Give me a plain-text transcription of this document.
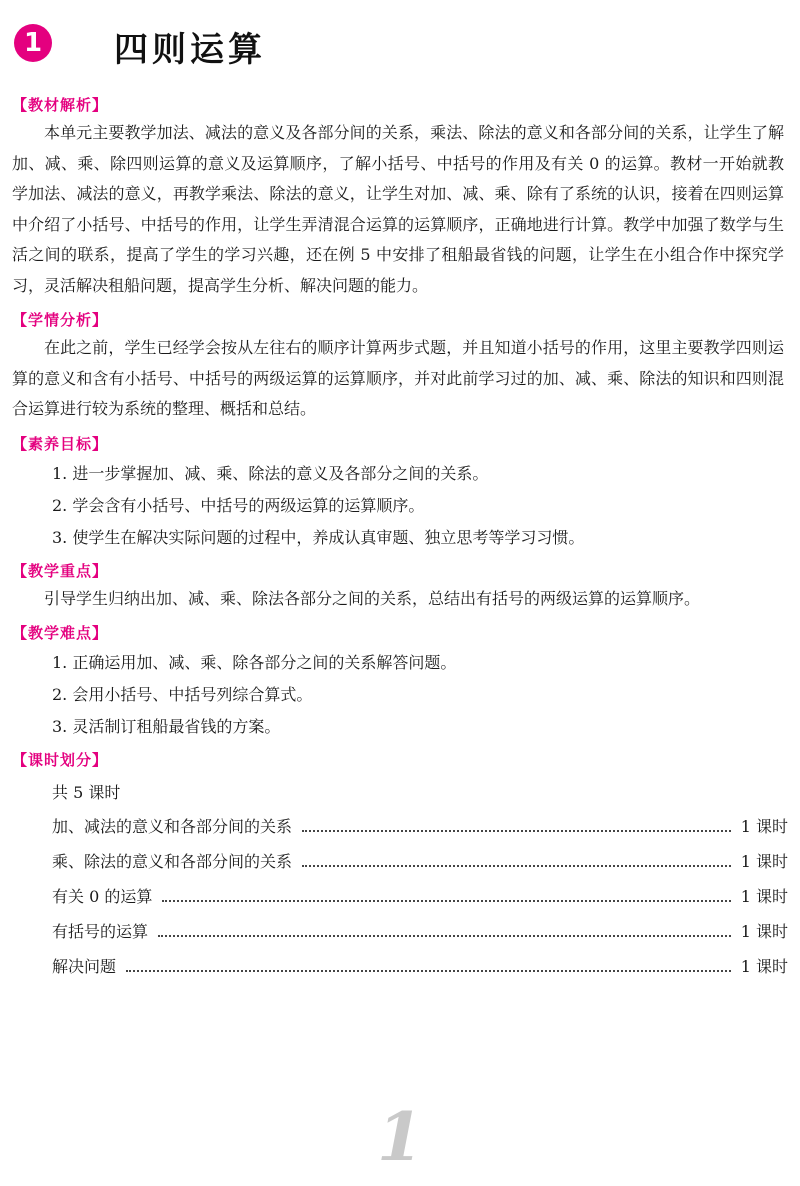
1 四则运算
【教材解析】

本单元主要教学加法、减法的意义及各部分间的关系，乘法、除法的意义和各部分间的关系，让学生了解加、减、乘、除四则运算的意义及运算顺序，了解小括号、中括号的作用及有关 0 的运算。教材一开始就教学加法、减法的意义，再教学乘法、除法的意义，让学生对加、减、乘、除有了系统的认识，接着在四则运算中介绍了小括号、中括号的作用，让学生弄清混合运算的运算顺序，正确地进行计算。教学中加强了数学与生活之间的联系，提高了学生的学习兴趣，还在例 5 中安排了租船最省钱的问题，让学生在小组合作中探究学习，灵活解决租船问题，提高学生分析、解决问题的能力。

【学情分析】

在此之前，学生已经学会按从左往右的顺序计算两步式题，并且知道小括号的作用，这里主要教学四则运算的意义和含有小括号、中括号的两级运算的运算顺序，并对此前学习过的加、减、乘、除法的知识和四则混合运算进行较为系统的整理、概括和总结。

【素养目标】
1. 进一步掌握加、减、乘、除法的意义及各部分之间的关系。
2. 学会含有小括号、中括号的两级运算的运算顺序。
3. 使学生在解决实际问题的过程中，养成认真审题、独立思考等学习习惯。
【教学重点】

引导学生归纳出加、减、乘、除法各部分之间的关系，总结出有括号的两级运算的运算顺序。

【教学难点】
1. 正确运用加、减、乘、除各部分之间的关系解答问题。
2. 会用小括号、中括号列综合算式。
3. 灵活制订租船最省钱的方案。
【课时划分】
共 5 课时
加、减法的意义和各部分间的关系	1 课时
乘、除法的意义和各部分间的关系	1 课时
有关 0 的运算	1 课时
有括号的运算	1 课时
解决问题	1 课时
1
